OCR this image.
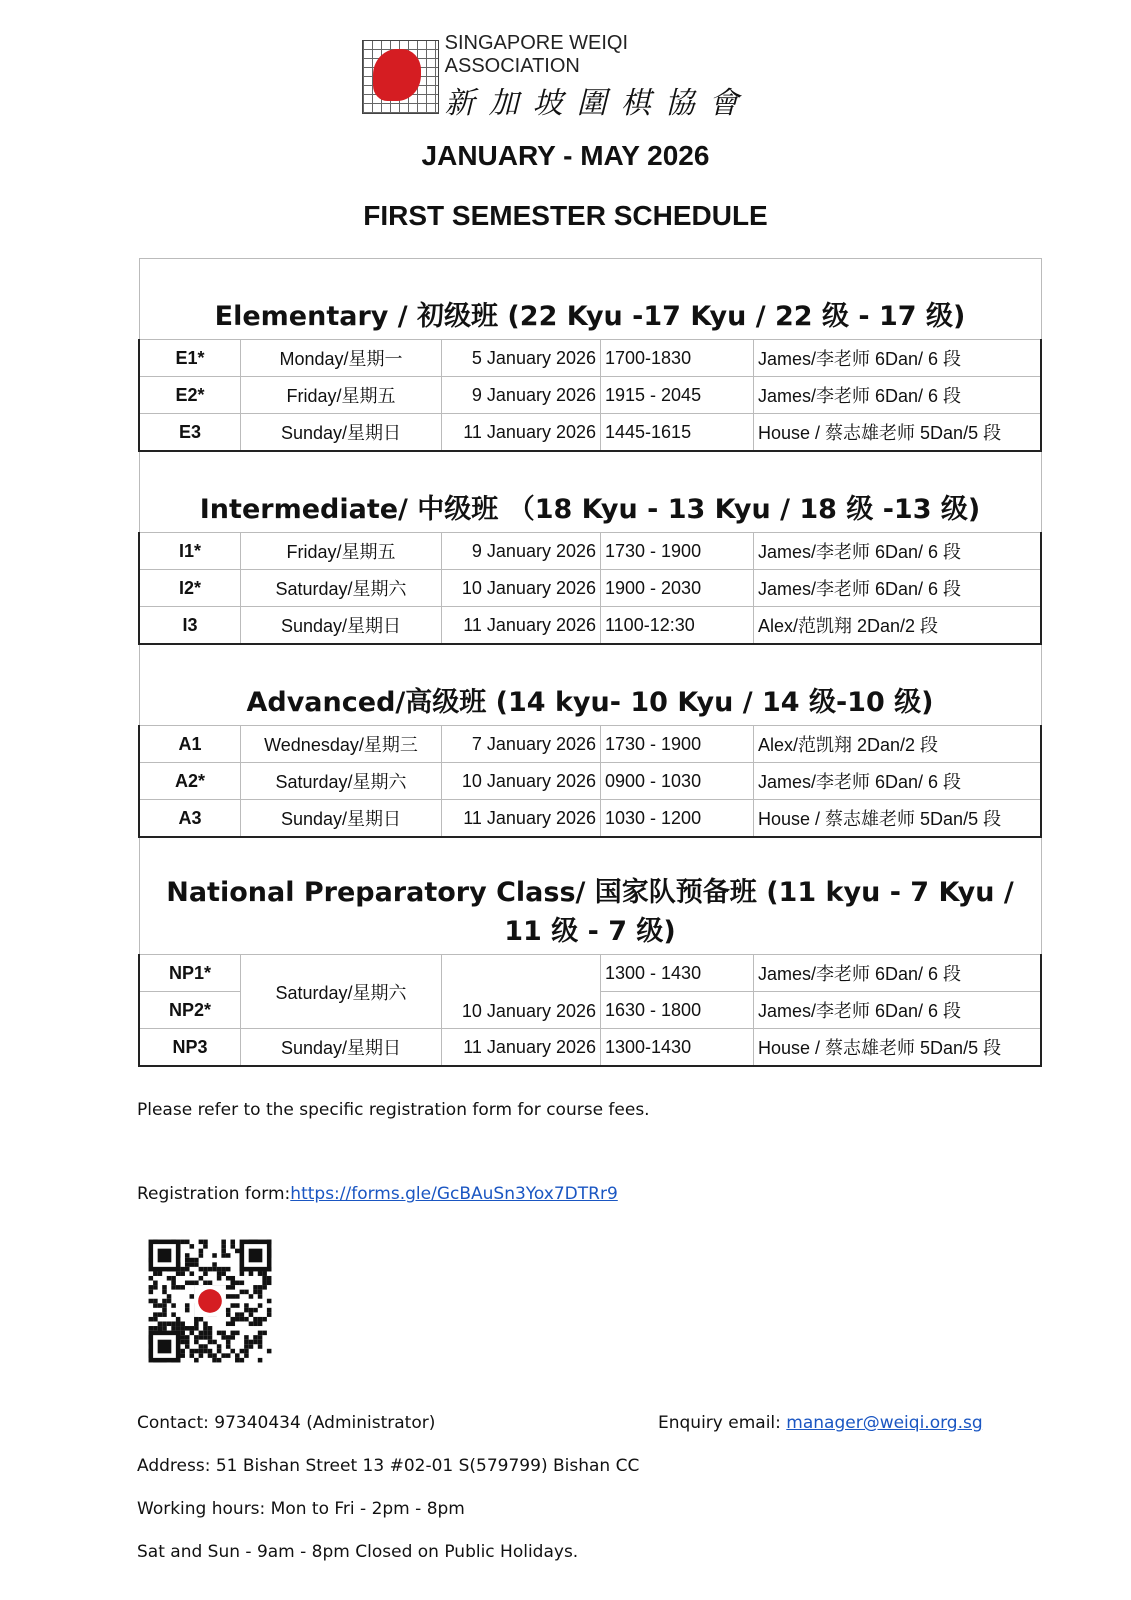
SINGAPORE WEIQI ASSOCIATION
新加坡圍棋協會
JANUARY - MAY 2026
FIRST SEMESTER SCHEDULE
Elementary / 初级班 (22 Kyu -17 Kyu / 22 级 - 17 级)				
E1*	Monday/星期一	5 January 2026	1700-1830	James/李老师 6Dan/ 6 段
E2*	Friday/星期五	9 January 2026	1915 - 2045	James/李老师 6Dan/ 6 段
E3	Sunday/星期日	11 January 2026	1445-1615	House / 蔡志雄老师 5Dan/5 段
Intermediate/ 中级班 （18 Kyu - 13 Kyu / 18 级 -13 级)				
I1*	Friday/星期五	9 January 2026	1730 - 1900	James/李老师 6Dan/ 6 段
I2*	Saturday/星期六	10 January 2026	1900 - 2030	James/李老师 6Dan/ 6 段
I3	Sunday/星期日	11 January 2026	1100-12:30	Alex/范凯翔 2Dan/2 段
Advanced/高级班 (14 kyu- 10 Kyu / 14 级-10 级)				
A1	Wednesday/星期三	7 January 2026	1730 - 1900	Alex/范凯翔 2Dan/2 段
A2*	Saturday/星期六	10 January 2026	0900 - 1030	James/李老师 6Dan/ 6 段
A3	Sunday/星期日	11 January 2026	1030 - 1200	House / 蔡志雄老师 5Dan/5 段
National Preparatory Class/ 国家队预备班 (11 kyu - 7 Kyu / 11 级 - 7 级)				
NP1*	Saturday/星期六	10 January 2026	1300 - 1430	James/李老师 6Dan/ 6 段
NP2*			1630 - 1800	James/李老师 6Dan/ 6 段
NP3	Sunday/星期日	11 January 2026	1300-1430	House / 蔡志雄老师 5Dan/5 段
Please refer to the specific registration form for course fees.
Registration form:https://forms.gle/GcBAuSn3Yox7DTRr9
Contact: 97340434 (Administrator)	Enquiry email: manager@weiqi.org.sg
Address: 51 Bishan Street 13 #02-01 S(579799) Bishan CC
Working hours: Mon to Fri - 2pm - 8pm
Sat and Sun - 9am - 8pm Closed on Public Holidays.
